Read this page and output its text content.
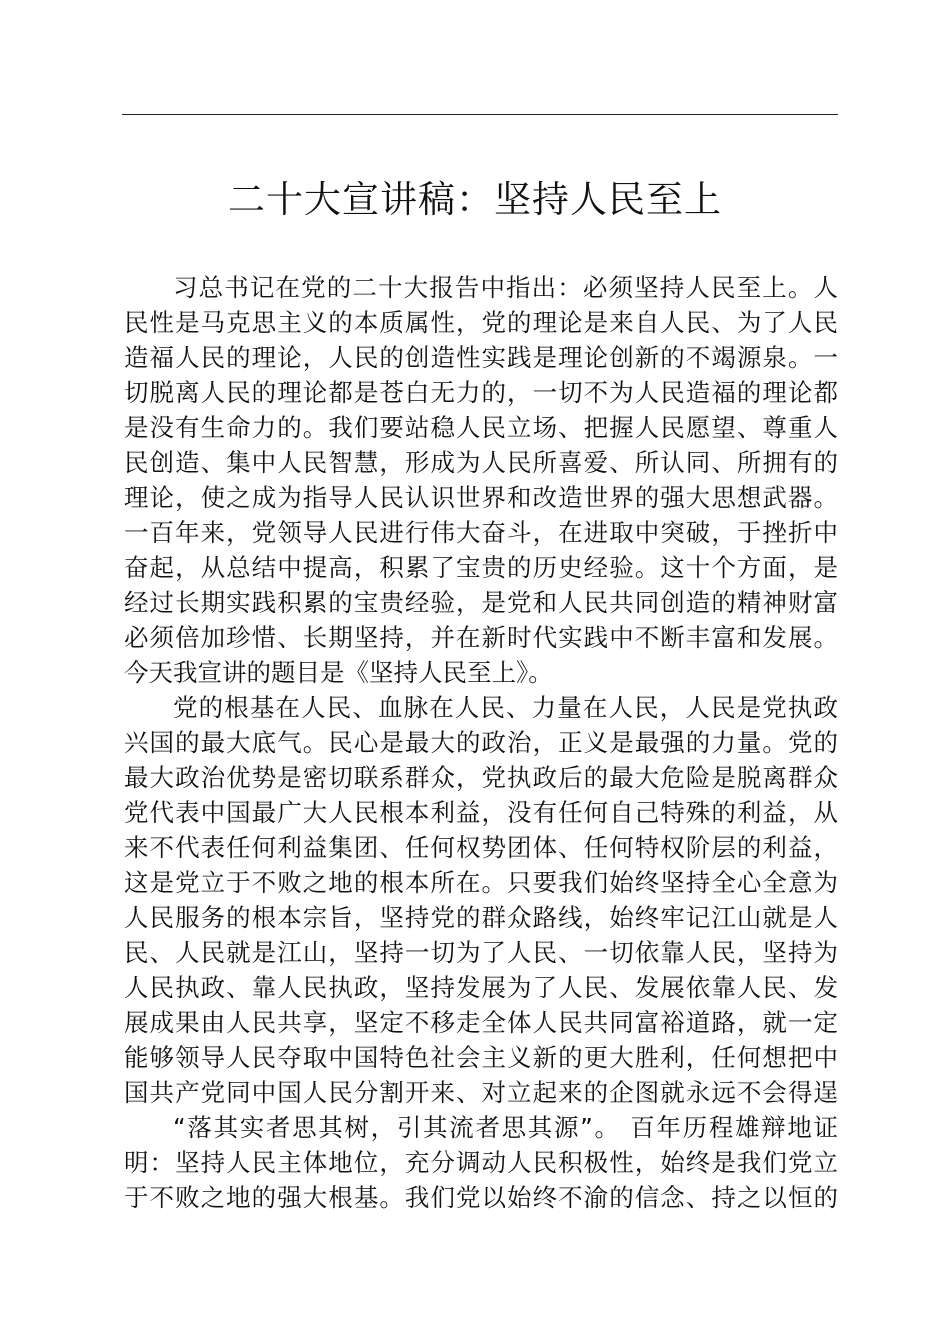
二十大宣讲稿：坚持人民至上
习总书记在党的二十大报告中指出：必须坚持人民至上。人
民性是马克思主义的本质属性，党的理论是来自人民、为了人民
造福人民的理论，人民的创造性实践是理论创新的不竭源泉。一
切脱离人民的理论都是苍白无力的，一切不为人民造福的理论都
是没有生命力的。我们要站稳人民立场、把握人民愿望、尊重人
民创造、集中人民智慧，形成为人民所喜爱、所认同、所拥有的
理论，使之成为指导人民认识世界和改造世界的强大思想武器。
一百年来，党领导人民进行伟大奋斗，在进取中突破，于挫折中
奋起，从总结中提高，积累了宝贵的历史经验。这十个方面，是
经过长期实践积累的宝贵经验，是党和人民共同创造的精神财富
必须倍加珍惜、长期坚持，并在新时代实践中不断丰富和发展。
今天我宣讲的题目是《坚持人民至上》。
党的根基在人民、血脉在人民、力量在人民，人民是党执政
兴国的最大底气。民心是最大的政治，正义是最强的力量。党的
最大政治优势是密切联系群众，党执政后的最大危险是脱离群众
党代表中国最广大人民根本利益，没有任何自己特殊的利益，从
来不代表任何利益集团、任何权势团体、任何特权阶层的利益，
这是党立于不败之地的根本所在。只要我们始终坚持全心全意为
人民服务的根本宗旨，坚持党的群众路线，始终牢记江山就是人
民、人民就是江山，坚持一切为了人民、一切依靠人民，坚持为
人民执政、靠人民执政，坚持发展为了人民、发展依靠人民、发
展成果由人民共享，坚定不移走全体人民共同富裕道路，就一定
能够领导人民夺取中国特色社会主义新的更大胜利，任何想把中
国共产党同中国人民分割开来、对立起来的企图就永远不会得逞
“落其实者思其树，引其流者思其源”。 百年历程雄辩地证
明：坚持人民主体地位，充分调动人民积极性，始终是我们党立
于不败之地的强大根基。我们党以始终不渝的信念、持之以恒的
